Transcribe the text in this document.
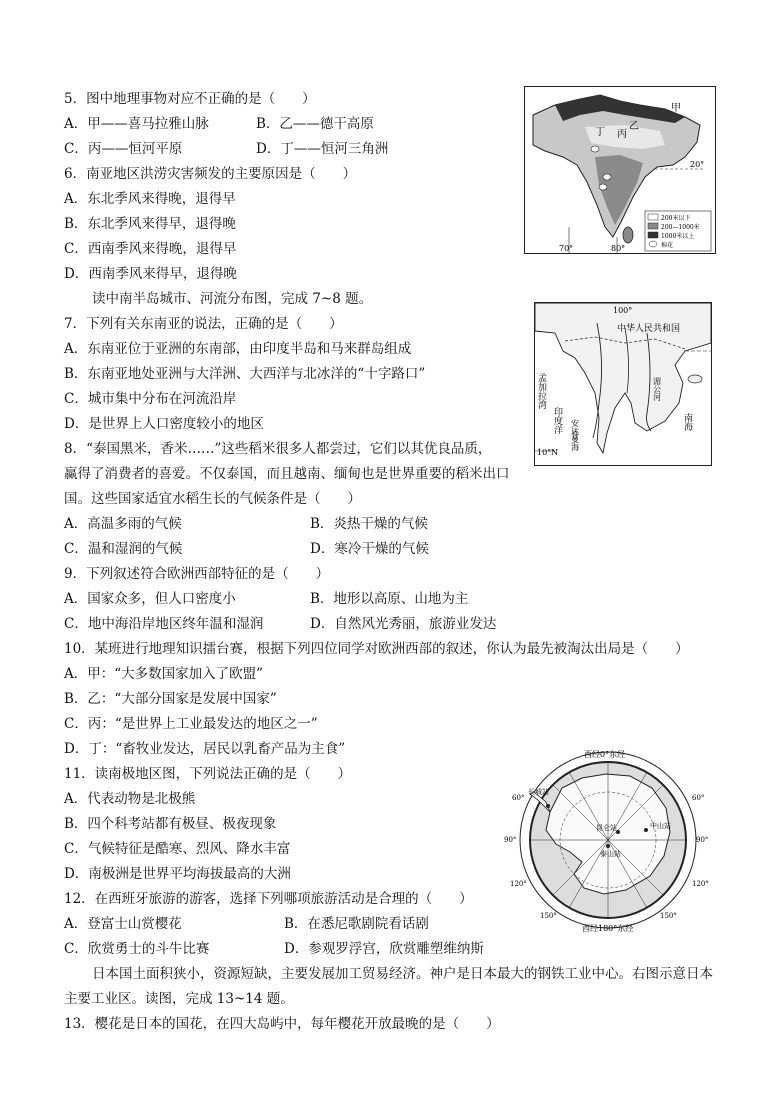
5．图中地理事物对应不正确的是（　　）
A．甲——喜马拉雅山脉	B．乙——德干高原
C．丙——恒河平原	D．丁——恒河三角洲
6．南亚地区洪涝灾害频发的主要原因是（　　）
A．东北季风来得晚，退得早
B．东北季风来得早，退得晚
C．西南季风来得晚，退得早
D．西南季风来得早，退得晚
读中南半岛城市、河流分布图，完成 7~8 题。
7．下列有关东南亚的说法，正确的是（　　）
A．东南亚位于亚洲的东南部，由印度半岛和马来群岛组成
B．东南亚地处亚洲与大洋洲、大西洋与北冰洋的“十字路口”
C．城市集中分布在河流沿岸
D．是世界上人口密度较小的地区
8．“泰国黑米，香米……”这些稻米很多人都尝过，它们以其优良品质，
赢得了消费者的喜爱。不仅泰国，而且越南、缅甸也是世界重要的稻米出口
国。这些国家适宜水稻生长的气候条件是（　　）
A．高温多雨的气候	B．炎热干燥的气候
C．温和湿润的气候	D．寒冷干燥的气候
9．下列叙述符合欧洲西部特征的是（　　）
A．国家众多，但人口密度小	B．地形以高原、山地为主
C．地中海沿岸地区终年温和湿润	D．自然风光秀丽，旅游业发达
10．某班进行地理知识擂台赛，根据下列四位同学对欧洲西部的叙述，你认为最先被淘汰出局是（　　）
A．甲：“大多数国家加入了欧盟”
B．乙：“大部分国家是发展中国家”
C．丙：“是世界上工业最发达的地区之一”
D．丁：“畜牧业发达，居民以乳畜产品为主食”
11．读南极地区图，下列说法正确的是（　　）
A．代表动物是北极熊
B．四个科考站都有极昼、极夜现象
C．气候特征是酷寒、烈风、降水丰富
D．南极洲是世界平均海拔最高的大洲
12．在西班牙旅游的游客，选择下列哪项旅游活动是合理的（　　）
A．登富士山赏樱花	B．在悉尼歌剧院看话剧
C．欣赏勇士的斗牛比赛	D．参观罗浮宫，欣赏雕塑维纳斯
日本国土面积狭小，资源短缺，主要发展加工贸易经济。神户是日本最大的钢铁工业中心。右图示意日本
主要工业区。读图，完成 13~14 题。
13．樱花是日本的国花，在四大岛屿中，每年樱花开放最晚的是（　　）
甲
乙
丙
丁
20°
70°	80°
200米以下
200—1000米
1000米以上
棉花
100°
中华人民共和国
10°N
孟加拉湾
印度洋	南海
安达曼海
湄公河
西经0°东经
西经180°东经
60°	60°
90°	90°
120°	120°
150°	150°
长城站
中山站
昆仑站
泰山站
